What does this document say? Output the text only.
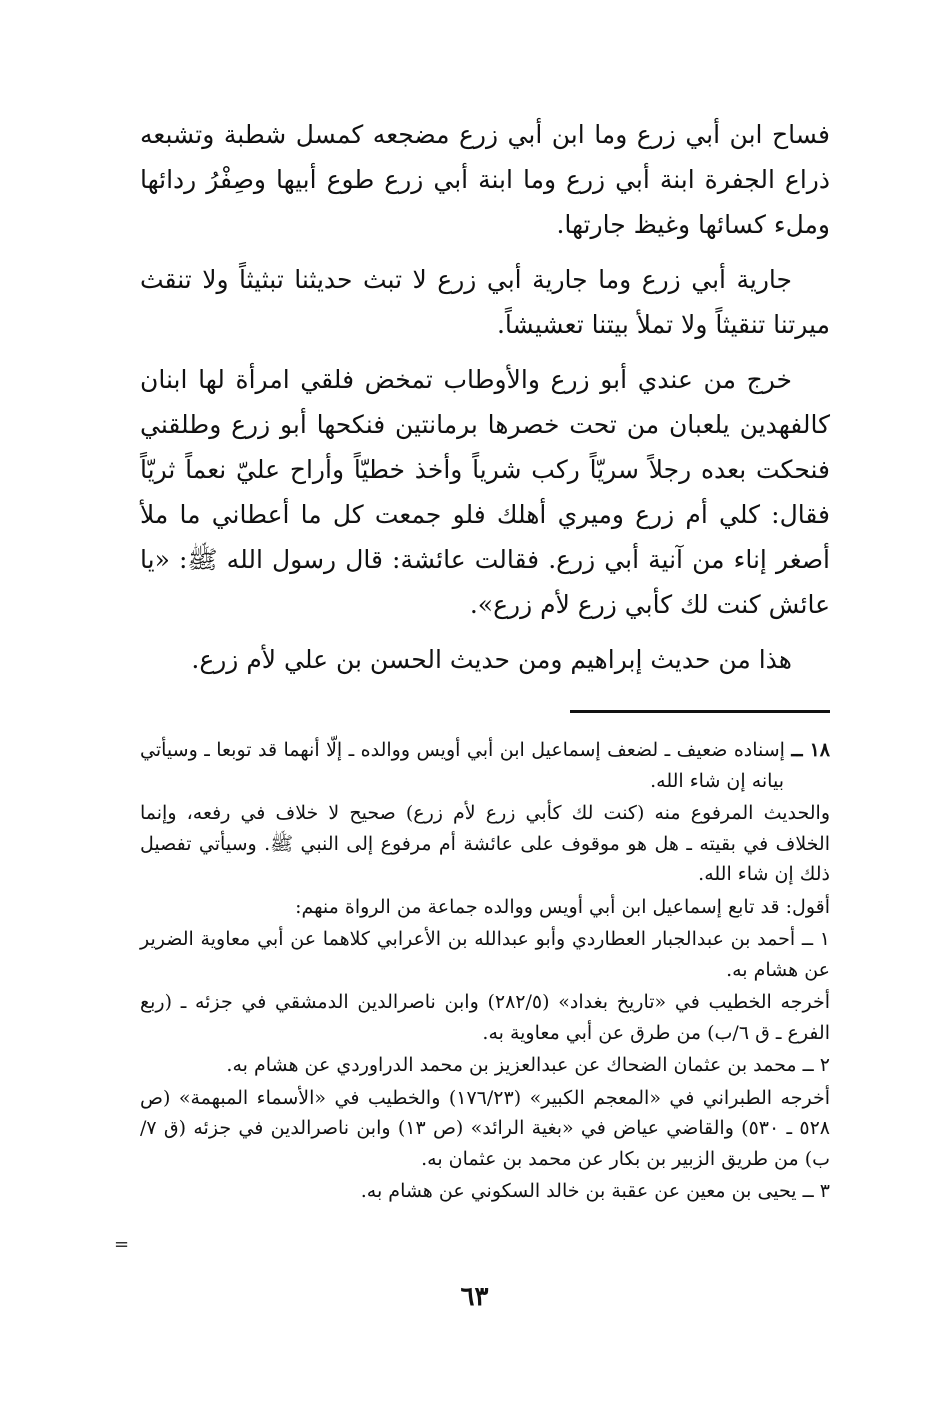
فساح ابن أبي زرع وما ابن أبي زرع مضجعه كمسل شطبة وتشبعه ذراع الجفرة ابنة أبي زرع وما ابنة أبي زرع طوع أبيها وصِفْرُ ردائها وملء كسائها وغيظ جارتها.

جارية أبي زرع وما جارية أبي زرع لا تبث حديثنا تبثيثاً ولا تنقث ميرتنا تنقيثاً ولا تملأ بيتنا تعشيشاً.

خرج من عندي أبو زرع والأوطاب تمخض فلقي امرأة لها ابنان كالفهدين يلعبان من تحت خصرها برمانتين فنكحها أبو زرع وطلقني فنحكت بعده رجلاً سريّاً ركب شرياً وأخذ خطيّاً وأراح عليّ نعماً ثريّاً فقال: كلي أم زرع وميري أهلك فلو جمعت كل ما أعطاني ما ملأ أصغر إناء من آنية أبي زرع. فقالت عائشة: قال رسول الله ﷺ: «يا عائش كنت لك كأبي زرع لأم زرع».

هذا من حديث إبراهيم ومن حديث الحسن بن علي لأم زرع.

١٨ ــ إسناده ضعيف ـ لضعف إسماعيل ابن أبي أويس ووالده ـ إلّا أنهما قد توبعا ـ وسيأتي بيانه إن شاء الله.

والحديث المرفوع منه (كنت لك كأبي زرع لأم زرع) صحيح لا خلاف في رفعه، وإنما الخلاف في بقيته ـ هل هو موقوف على عائشة أم مرفوع إلى النبي ﷺ. وسيأتي تفصيل ذلك إن شاء الله.

أقول: قد تابع إسماعيل ابن أبي أويس ووالده جماعة من الرواة منهم:

١ ــ أحمد بن عبدالجبار العطاردي وأبو عبدالله بن الأعرابي كلاهما عن أبي معاوية الضرير عن هشام به.

أخرجه الخطيب في «تاريخ بغداد» (٢٨٢/٥) وابن ناصرالدين الدمشقي في جزئه ـ (ربع الفرع ـ ق ٦/ب) من طرق عن أبي معاوية به.

٢ ــ محمد بن عثمان الضحاك عن عبدالعزيز بن محمد الدراوردي عن هشام به.

أخرجه الطبراني في «المعجم الكبير» (١٧٦/٢٣) والخطيب في «الأسماء المبهمة» (ص ٥٢٨ ـ ٥٣٠) والقاضي عياض في «بغية الرائد» (ص ١٣) وابن ناصرالدين في جزئه (ق ٧/ب) من طريق الزبير بن بكار عن محمد بن عثمان به.

٣ ــ يحيى بن معين عن عقبة بن خالد السكوني عن هشام به.

=
٦٣
